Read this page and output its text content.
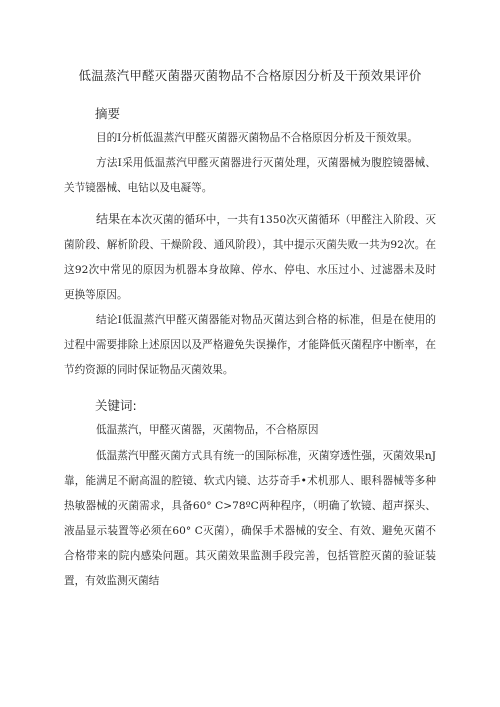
低温蒸汽甲醛灭菌器灭菌物品不合格原因分析及干预效果评价
摘要
目的I分析低温蒸汽甲醛灭菌器灭菌物品不合格原因分析及干预效果。
方法I采用低温蒸汽甲醛灭菌器进行灭菌处理，灭菌器械为腹腔镜器械、关节镜器械、电钻以及电凝等。
结果在本次灭菌的循环中，一共有1350次灭菌循环（甲醛注入阶段、灭菌阶段、解析阶段、干燥阶段、通风阶段），其中提示灭菌失败一共为92次。在这92次中常见的原因为机器本身故障、停水、停电、水压过小、过滤器未及时更换等原因。
结论I低温蒸汽甲醛灭菌器能对物品灭菌达到合格的标准，但是在使用的过程中需要排除上述原因以及严格避免失误操作，才能降低灭菌程序中断率，在节约资源的同时保证物品灭菌效果。
关键词:
低温蒸汽，甲醛灭菌器，灭菌物品，不合格原因
低温蒸汽甲醛灭菌方式具有统一的国际标准，灭菌穿透性强，灭菌效果nJ靠，能满足不耐高温的腔镜、软式内镜、达芬奇手•术机那人、眼科器械等多种热敏器械的灭菌需求，具备60° C>78ºC两种程序，（明确了软镜、超声探头、液晶显示装置等必须在60° C灭菌），确保手术器械的安全、有效、避免灭菌不合格带来的院内感染问题。其灭菌效果监测手段完善，包括管腔灭菌的验证装置，有效监测灭菌结
